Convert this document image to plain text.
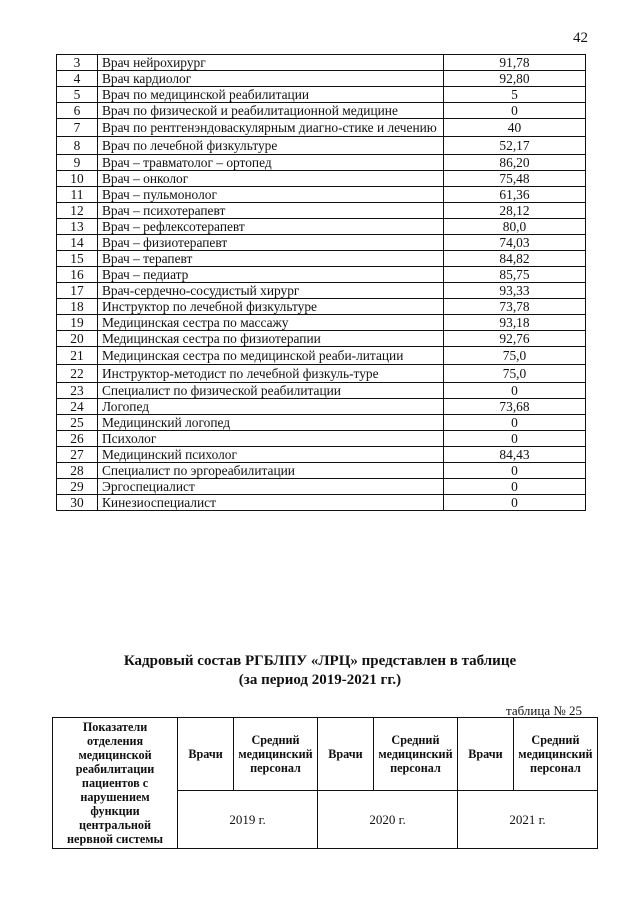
42
3	Врач нейрохирург	91,78
4	Врач кардиолог	92,80
5	Врач по медицинской реабилитации	5
6	Врач по физической и реабилитационной медицине	0
7	Врач по рентгенэндоваскулярным диагно-стике и лечению	40
8	Врач по лечебной физкультуре	52,17
9	Врач – травматолог – ортопед	86,20
10	Врач – онколог	75,48
11	Врач – пульмонолог	61,36
12	Врач – психотерапевт	28,12
13	Врач – рефлексотерапевт	80,0
14	Врач – физиотерапевт	74,03
15	Врач – терапевт	84,82
16	Врач – педиатр	85,75
17	Врач-сердечно-сосудистый хирург	93,33
18	Инструктор по лечебной физкультуре	73,78
19	Медицинская сестра по массажу	93,18
20	Медицинская сестра по физиотерапии	92,76
21	Медицинская сестра по медицинской реаби-литации	75,0
22	Инструктор-методист по лечебной физкуль-туре	75,0
23	Специалист по физической реабилитации	0
24	Логопед	73,68
25	Медицинский логопед	0
26	Психолог	0
27	Медицинский психолог	84,43
28	Специалист по эргореабилитации	0
29	Эргоспециалист	0
30	Кинезиоспециалист	0
Кадровый состав РГБЛПУ «ЛРЦ» представлен в таблице
(за период 2019-2021 гг.)
таблица № 25
Показатели отделения медицинской реабилитации пациентов с нарушением функции центральной нервной системы	Врачи	Средний медицинский персонал	Врачи	Средний медицинский персонал	Врачи	Средний медицинский персонал
	2019 г.		2020 г.		2021 г.	
